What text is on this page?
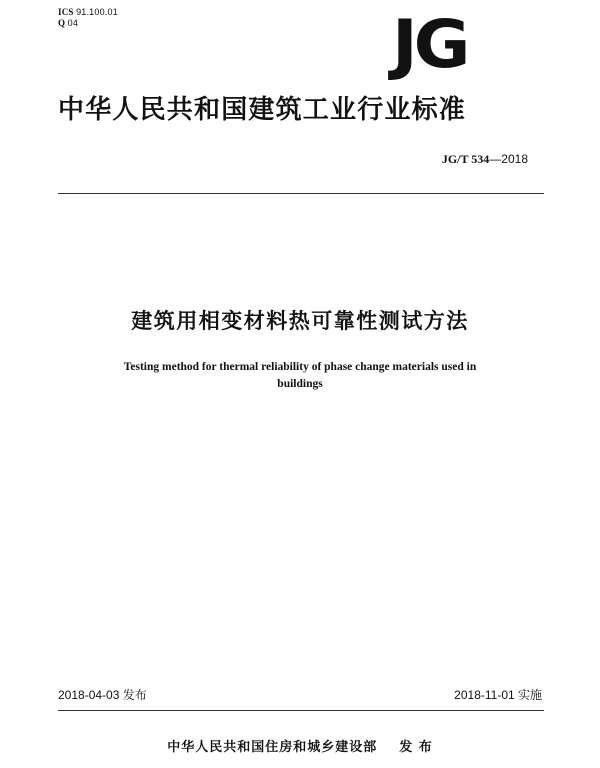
ICS 91.100.01
Q 04	JG
中华人民共和国建筑工业行业标准
JG/T 534—2018
建筑用相变材料热可靠性测试方法
Testing method for thermal reliability of phase change materials used in
buildings
2018-04-03 发布	2018-11-01 实施
中华人民共和国住房和城乡建设部 发 布
